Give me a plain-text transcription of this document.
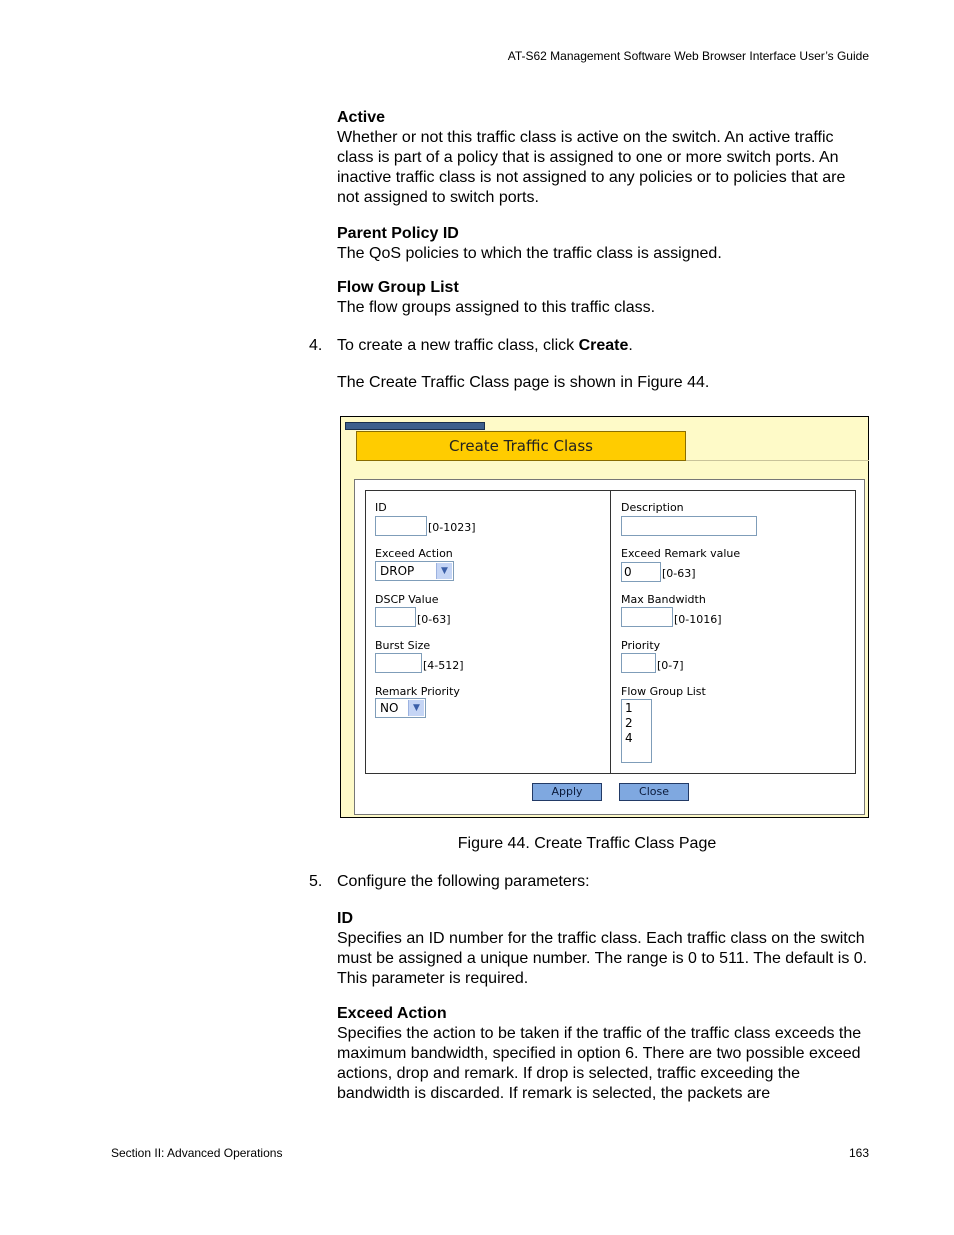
AT-S62 Management Software Web Browser Interface User’s Guide
Active
Whether or not this traffic class is active on the switch. An active traffic class is part of a policy that is assigned to one or more switch ports. An inactive traffic class is not assigned to any policies or to policies that are not assigned to switch ports.
Parent Policy ID
The QoS policies to which the traffic class is assigned.
Flow Group List
The flow groups assigned to this traffic class.
4. To create a new traffic class, click Create.
The Create Traffic Class page is shown in Figure 44.
Create Traffic Class
ID
[0-1023]
Exceed Action
DROP	▼
DSCP Value
[0-63]
Burst Size
[4-512]
Remark Priority
NO	▼
Description
Exceed Remark value
0	[0-63]
Max Bandwidth
[0-1016]
Priority
[0-7]
Flow Group List
1
2
4
Apply	Close
Figure 44. Create Traffic Class Page
5. Configure the following parameters:
ID
Specifies an ID number for the traffic class. Each traffic class on the switch must be assigned a unique number. The range is 0 to 511. The default is 0. This parameter is required.
Exceed Action
Specifies the action to be taken if the traffic of the traffic class exceeds the maximum bandwidth, specified in option 6. There are two possible exceed actions, drop and remark. If drop is selected, traffic exceeding the bandwidth is discarded. If remark is selected, the packets are
Section II: Advanced Operations	163
